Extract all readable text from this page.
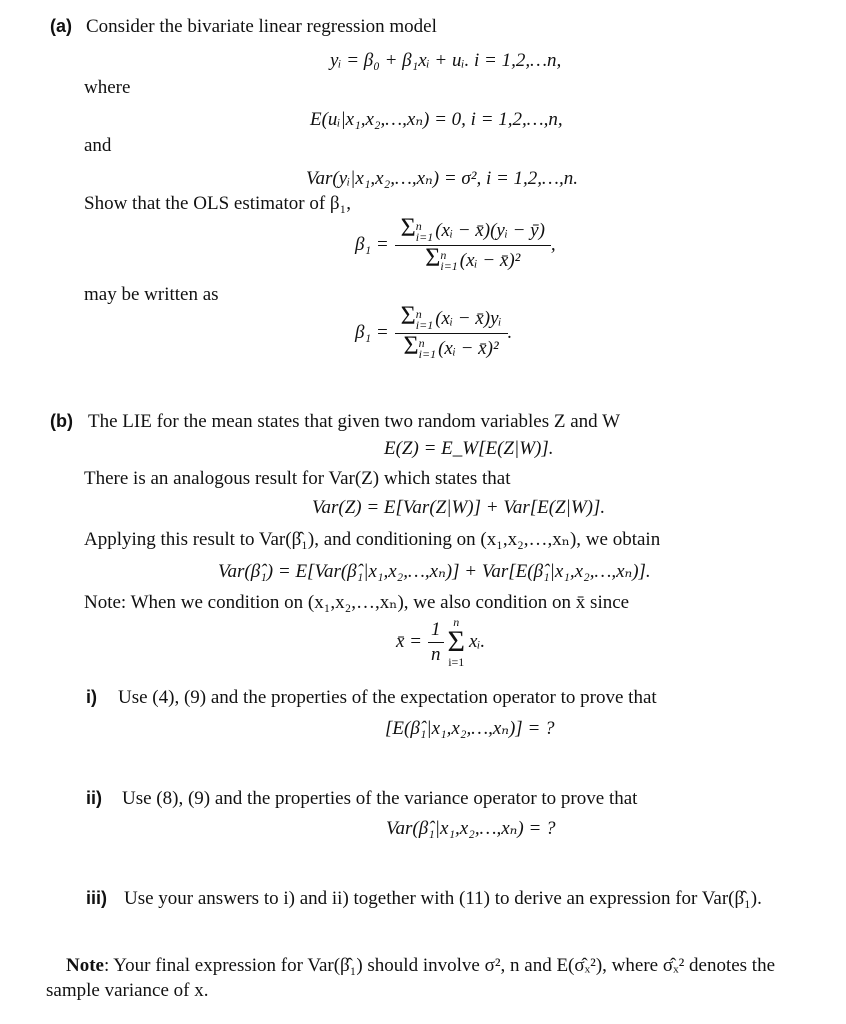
(a) Consider the bivariate linear regression model
yᵢ = β₀ + β₁xᵢ + uᵢ. i = 1,2,…n,
where
E(uᵢ|x₁,x₂,…,xₙ) = 0, i = 1,2,…,n,
and
Var(yᵢ|x₁,x₂,…,xₙ) = σ², i = 1,2,…,n.
Show that the OLS estimator of β₁,
β₁ = Σ n
i=1 (xᵢ − x̄)(yᵢ − ȳ)
Σ n
i=1 (xᵢ − x̄)² ,
may be written as
β₁ = Σ n
i=1 (xᵢ − x̄)yᵢ
Σ n
i=1 (xᵢ − x̄)² .
(b) The LIE for the mean states that given two random variables Z and W
E(Z) = E_W[E(Z|W)].
There is an analogous result for Var(Z) which states that
Var(Z) = E[Var(Z|W)] + Var[E(Z|W)].
Applying this result to Var(β̂₁), and conditioning on (x₁,x₂,…,xₙ), we obtain
Var(β̂₁) = E[Var(β̂₁|x₁,x₂,…,xₙ)] + Var[E(β̂₁|x₁,x₂,…,xₙ)].
Note: When we condition on (x₁,x₂,…,xₙ), we also condition on x̄ since
x̄ = $\frac{1}{n}$ n
Σ
i=1
xᵢ.
i) Use (4), (9) and the properties of the expectation operator to prove that
[E(β̂₁|x₁,x₂,…,xₙ)] = ?
ii) Use (8), (9) and the properties of the variance operator to prove that
Var(β̂₁|x₁,x₂,…,xₙ) = ?
iii) Use your answers to i) and ii) together with (11) to derive an expression for Var(β̂₁).
Note: Your final expression for Var(β̂₁) should involve σ², n and E(σ̂ₓ²), where σ̂ₓ² denotes the
sample variance of x.
